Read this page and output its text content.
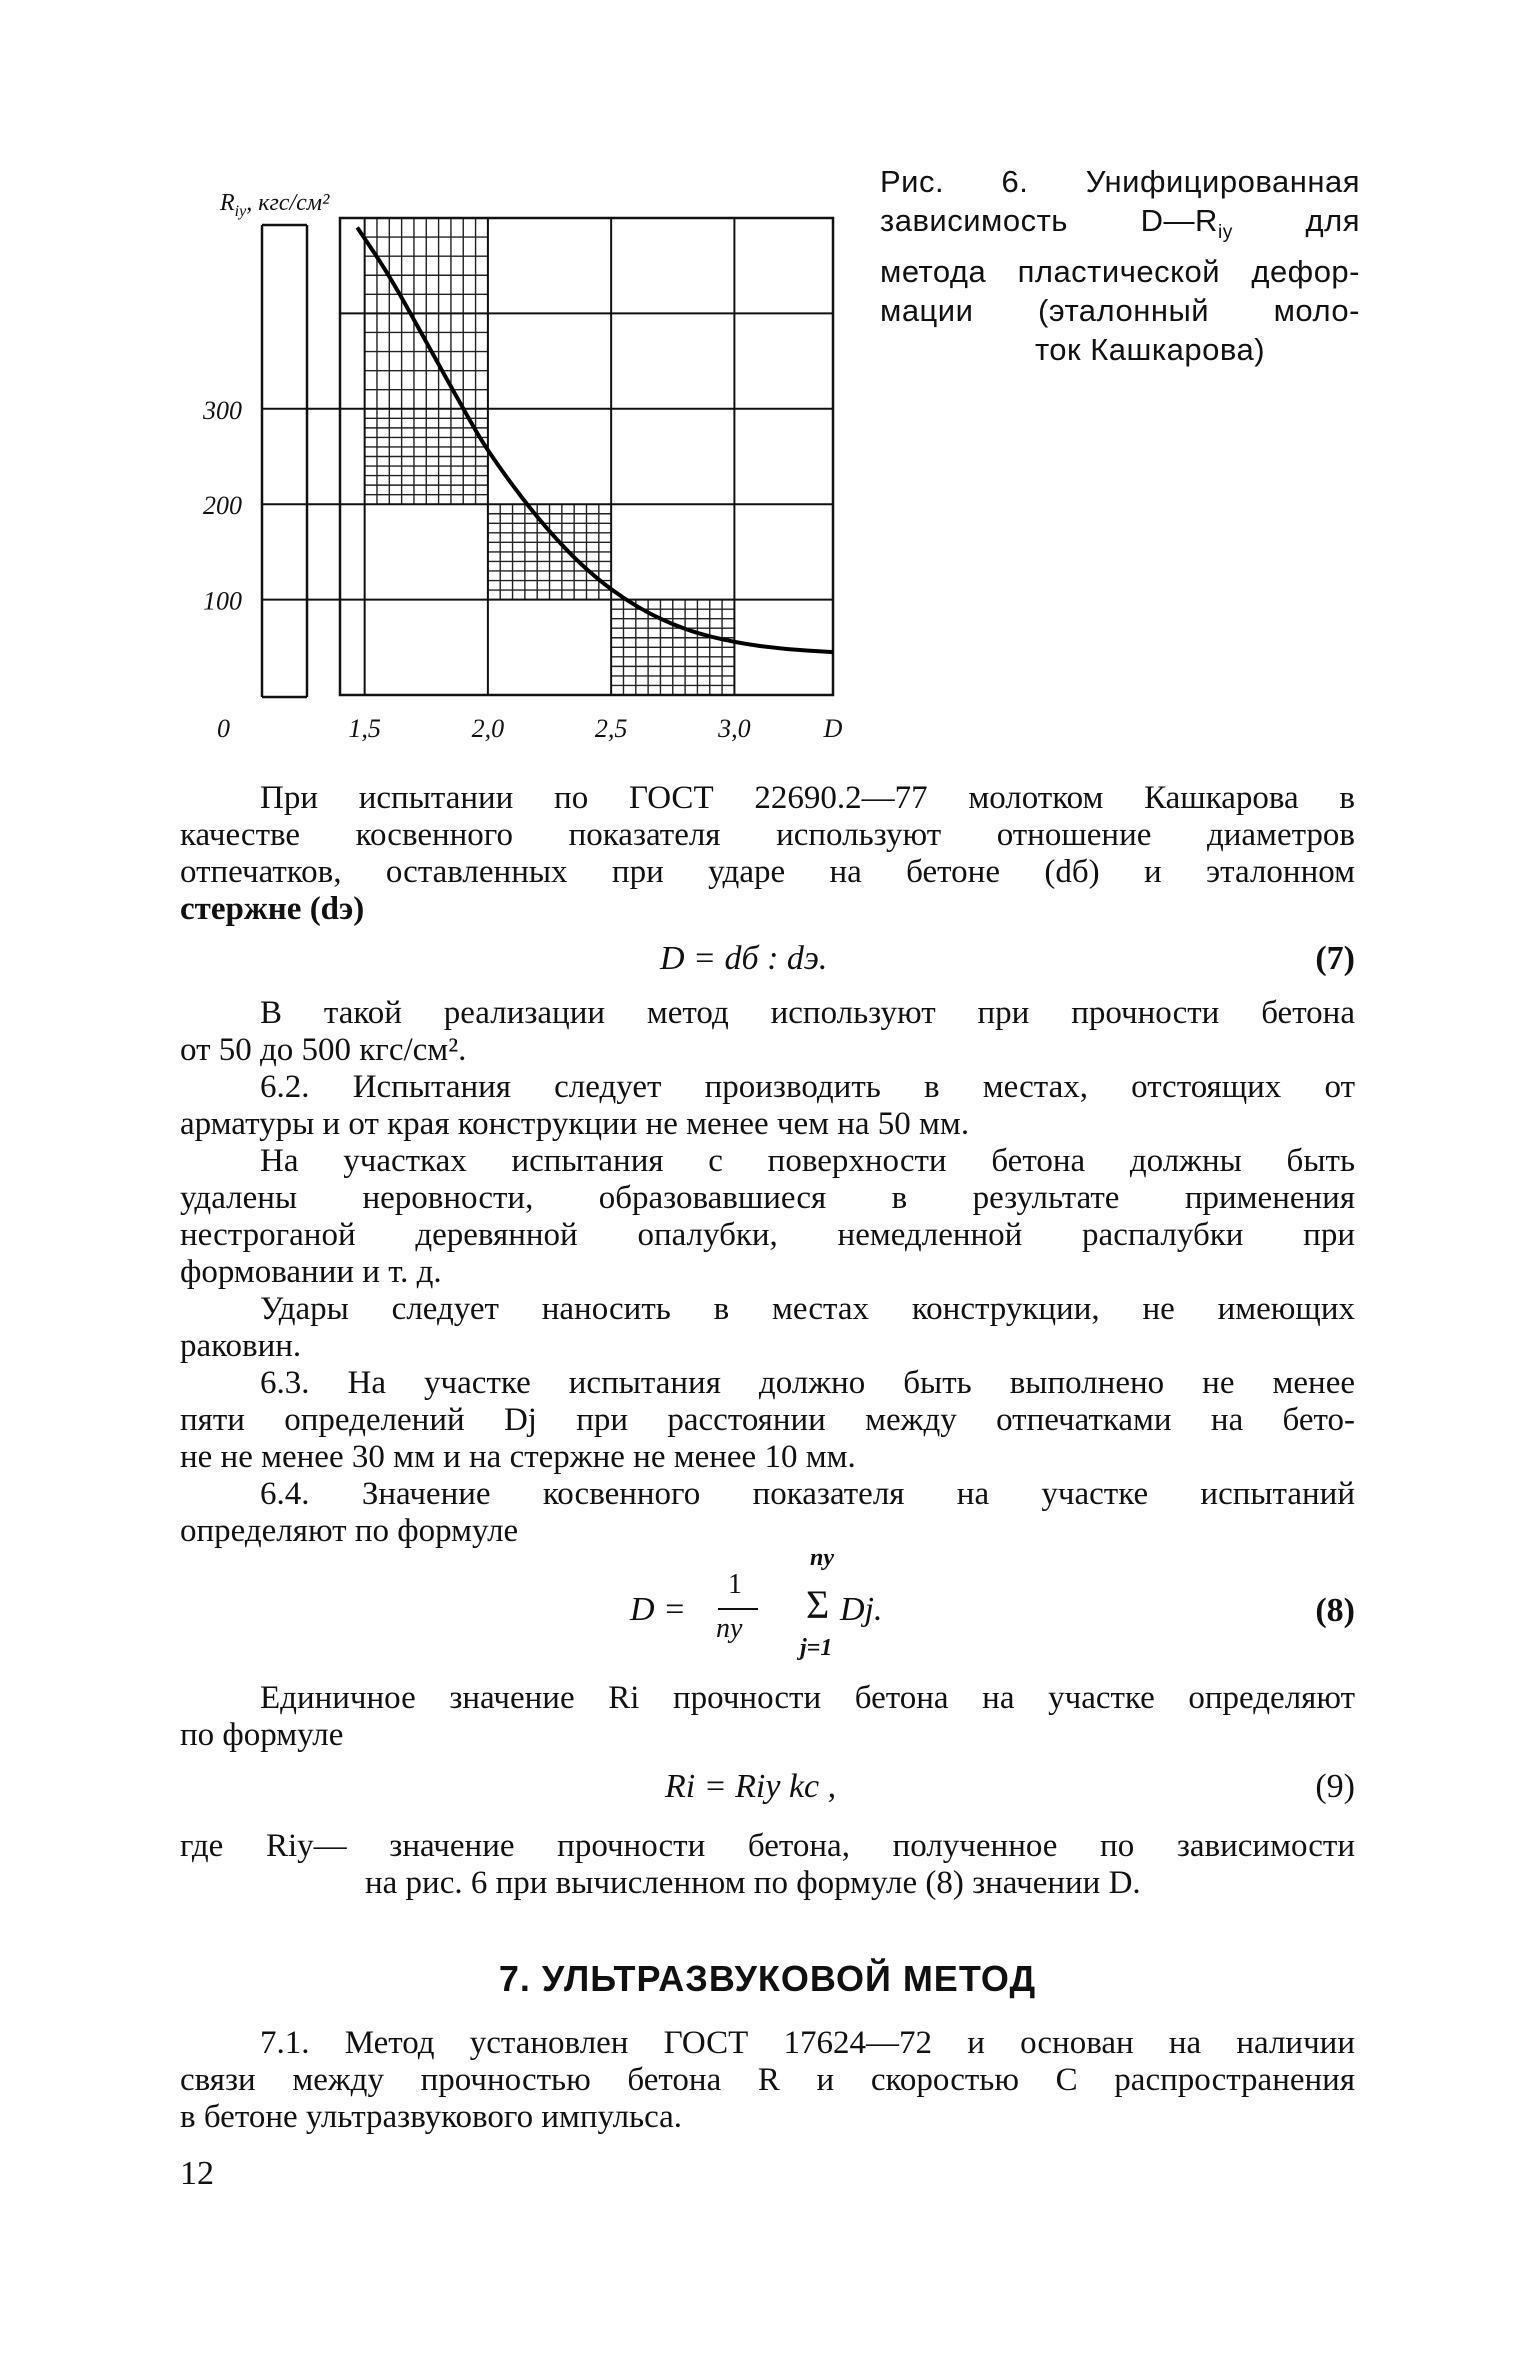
100
200
300
0	1,5	2,0	2,5	3,0	D
$R_{iy}$, кгс/см²
Рис. 6. Унифицированная
зависимость $D—R_{iy}$ для
метода пластической дефор-
мации (эталонный моло-
ток Кашкарова)
При испытании по ГОСТ 22690.2—77 молотком Кашкарова в
качестве косвенного показателя используют отношение диаметров
отпечатков, оставленных при ударе на бетоне (dб) и эталонном
стержне (dэ)
D = dб : dэ.	(7)
В такой реализации метод используют при прочности бетона
от 50 до 500 кгс/см².
6.2. Испытания следует производить в местах, отстоящих от
арматуры и от края конструкции не менее чем на 50 мм.
На участках испытания с поверхности бетона должны быть
удалены неровности, образовавшиеся в результате применения
нестроганой деревянной опалубки, немедленной распалубки при
формовании и т. д.
Удары следует наносить в местах конструкции, не имеющих
раковин.
6.3. На участке испытания должно быть выполнено не менее
пяти определений Dj при расстоянии между отпечатками на бето-
не не менее 30 мм и на стержне не менее 10 мм.
6.4. Значение косвенного показателя на участке испытаний
определяют по формуле
D =
1
nу
nу
Σ
j=1
Dj.	(8)
Единичное значение Ri прочности бетона на участке определяют
по формуле
Ri = Riy kс ,	(9)
где Riy— значение прочности бетона, полученное по зависимости
на рис. 6 при вычисленном по формуле (8) значении D.
7. УЛЬТРАЗВУКОВОЙ МЕТОД
7.1. Метод установлен ГОСТ 17624—72 и основан на наличии
связи между прочностью бетона R и скоростью C распространения
в бетоне ультразвукового импульса.
12
